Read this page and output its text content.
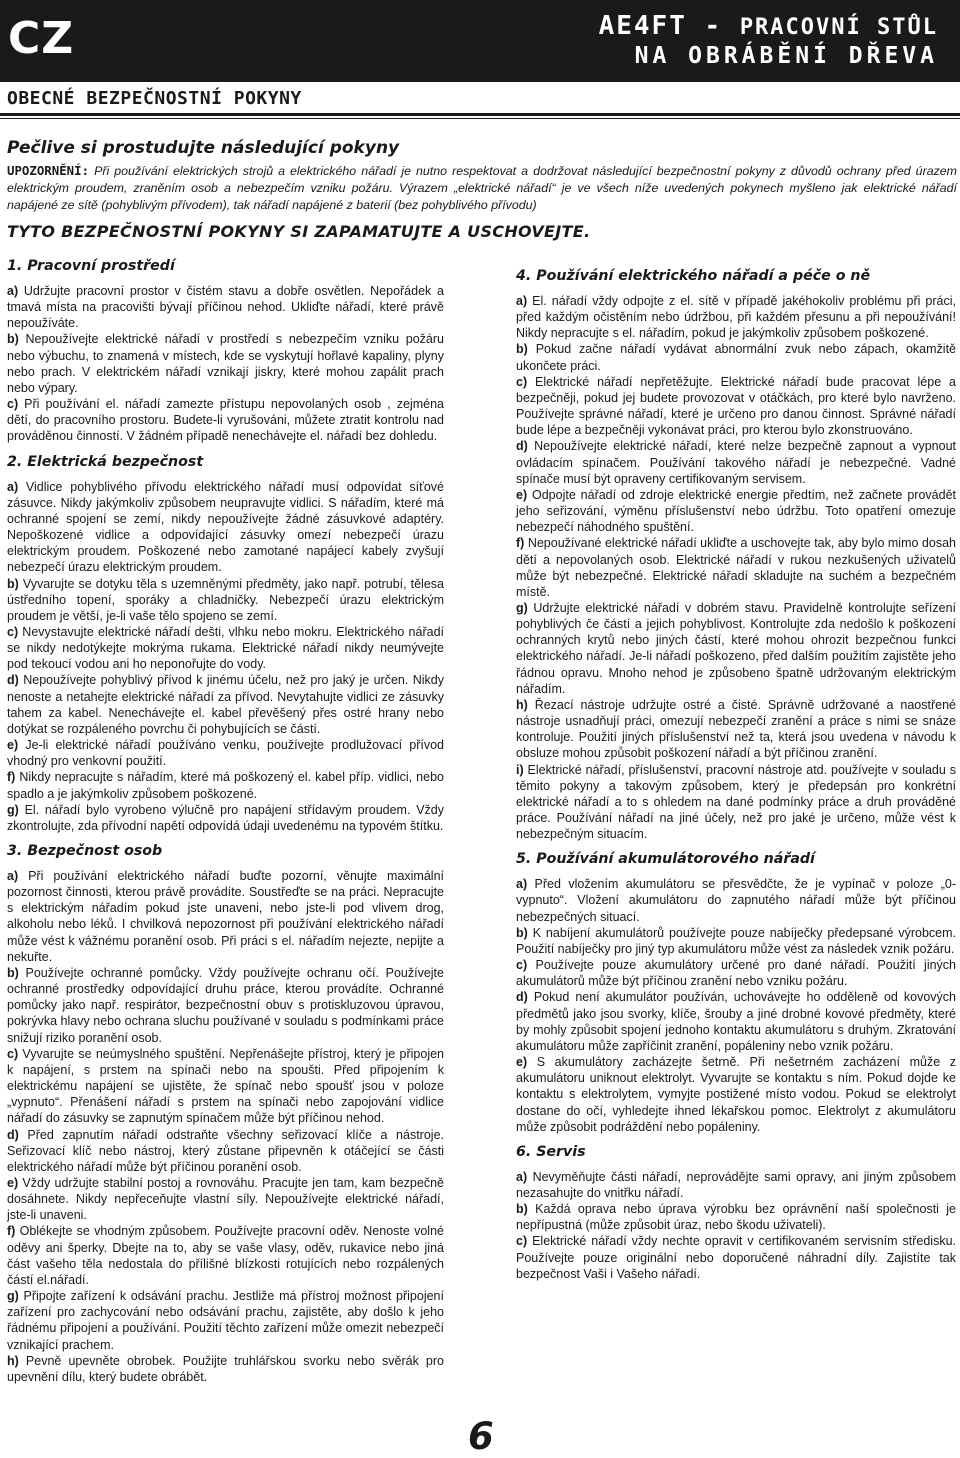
CZ	AE4FT - PRACOVNÍ STŮL
NA OBRÁBĚNÍ DŘEVA
OBECNÉ BEZPEČNOSTNÍ POKYNY
Pečlive si prostudujte následující pokyny
UPOZORNĚNÍ: Při používání elektrických strojů a elektrického nářadí je nutno respektovat a dodržovat následující bezpečnostní pokyny z důvodů ochrany před úrazem elektrickým proudem, zraněním osob a nebezpečím vzniku požáru. Výrazem „elektrické nářadí“ je ve všech níže uvedených pokynech myšleno jak elektrické nářadí napájené ze sítě (pohyblivým přívodem), tak nářadí napájené z baterií (bez pohyblivého přívodu)
TYTO BEZPEČNOSTNÍ POKYNY SI ZAPAMATUJTE A USCHOVEJTE.
1. Pracovní prostředí

a) Udržujte pracovní prostor v čistém stavu a dobře osvětlen. Nepořádek a tmavá místa na pracovišti bývají příčinou nehod. Ukliďte nářadí, které právě nepoužíváte.

b) Nepoužívejte elektrické nářadí v prostředí s nebezpečím vzniku požáru nebo výbuchu, to znamená v místech, kde se vyskytují hořlavé kapaliny, plyny nebo prach. V elektrickém nářadí vznikají jiskry, které mohou zapálit prach nebo výpary.

c) Při používání el. nářadí zamezte přístupu nepovolaných osob , zejména dětí, do pracovního prostoru. Budete-li vyrušováni, můžete ztratit kontrolu nad prováděnou činností. V žádném případě nenechávejte el. nářadí bez dohledu.

2. Elektrická bezpečnost

a) Vidlice pohyblivého přívodu elektrického nářadí musí odpovídat síťové zásuvce. Nikdy jakýmkoliv způsobem neupravujte vidlici. S nářadím, které má ochranné spojení se zemí, nikdy nepoužívejte žádné zásuvkové adaptéry. Nepoškozené vidlice a odpovídající zásuvky omezí nebezpečí úrazu elektrickým proudem. Poškozené nebo zamotané napájecí kabely zvyšují nebezpečí úrazu elektrickým proudem.

b) Vyvarujte se dotyku těla s uzemněnými předměty, jako např. potrubí, tělesa ústředního topení, sporáky a chladničky. Nebezpečí úrazu elektrickým proudem je větší, je-li vaše tělo spojeno se zemí.

c) Nevystavujte elektrické nářadí dešti, vlhku nebo mokru. Elektrického nářadí se nikdy nedotýkejte mokrýma rukama. Elektrické nářadí nikdy neumývejte pod tekoucí vodou ani ho neponořujte do vody.

d) Nepoužívejte pohyblivý přívod k jinému účelu, než pro jaký je určen. Nikdy nenoste a netahejte elektrické nářadí za přívod. Nevytahujte vidlici ze zásuvky tahem za kabel. Nenechávejte el. kabel převěšený přes ostré hrany nebo dotýkat se rozpáleného povrchu či pohybujících se částí.

e) Je-li elektrické nářadí používáno venku, používejte prodlužovací přívod vhodný pro venkovní použití.

f) Nikdy nepracujte s nářadím, které má poškozený el. kabel příp. vidlici, nebo spadlo a je jakýmkoliv způsobem poškozené.

g) El. nářadí bylo vyrobeno výlučně pro napájení střídavým proudem. Vždy zkontrolujte, zda přívodní napětí odpovídá údaji uvedenému na typovém štítku.

3. Bezpečnost osob

a) Při používání elektrického nářadí buďte pozorní, věnujte maximální pozornost činnosti, kterou právě provádíte. Soustřeďte se na práci. Nepracujte s elektrickým nářadím pokud jste unaveni, nebo jste-li pod vlivem drog, alkoholu nebo léků. I chvilková nepozornost při používání elektrického nářadí může vést k vážnému poranění osob. Při práci s el. nářadím nejezte, nepijte a nekuřte.

b) Používejte ochranné pomůcky. Vždy používejte ochranu očí. Používejte ochranné prostředky odpovídající druhu práce, kterou provádíte. Ochranné pomůcky jako např. respirátor, bezpečnostní obuv s protiskluzovou úpravou, pokrývka hlavy nebo ochrana sluchu používané v souladu s podmínkami práce snižují riziko poranění osob.

c) Vyvarujte se neúmyslného spuštění. Nepřenášejte přístroj, který je připojen k napájení, s prstem na spínači nebo na spoušti. Před připojením k elektrickému napájení se ujistěte, že spínač nebo spoušť jsou v poloze „vypnuto“. Přenášení nářadí s prstem na spínači nebo zapojování vidlice nářadí do zásuvky se zapnutým spínačem může být příčinou nehod.

d) Před zapnutím nářadí odstraňte všechny seřizovací klíče a nástroje. Seřizovací klíč nebo nástroj, který zůstane připevněn k otáčející se části elektrického nářadí může být příčinou poranění osob.

e) Vždy udržujte stabilní postoj a rovnováhu. Pracujte jen tam, kam bezpečně dosáhnete. Nikdy nepřeceňujte vlastní síly. Nepoužívejte elektrické nářadí, jste-li unaveni.

f) Oblékejte se vhodným způsobem. Používejte pracovní oděv. Nenoste volné oděvy ani šperky. Dbejte na to, aby se vaše vlasy, oděv, rukavice nebo jiná část vašeho těla nedostala do přílišné blízkosti rotujících nebo rozpálených částí el.nářadí.

g) Připojte zařízení k odsávání prachu. Jestliže má přístroj možnost připojení zařízení pro zachycování nebo odsávání prachu, zajistěte, aby došlo k jeho řádnému připojení a používání. Použití těchto zařízení může omezit nebezpečí vznikající prachem.

h) Pevně upevněte obrobek. Použijte truhlářskou svorku nebo svěrák pro upevnění dílu, který budete obrábět.

4. Používání elektrického nářadí a péče o ně

a) El. nářadí vždy odpojte z el. sítě v případě jakéhokoliv problému při práci, před každým očistěním nebo údržbou, při každém přesunu a při nepoužívání! Nikdy nepracujte s el. nářadím, pokud je jakýmkoliv způsobem poškozené.

b) Pokud začne nářadí vydávat abnormální zvuk nebo zápach, okamžitě ukončete práci.

c) Elektrické nářadí nepřetěžujte. Elektrické nářadí bude pracovat lépe a bezpečněji, pokud jej budete provozovat v otáčkách, pro které bylo navrženo. Používejte správné nářadí, které je určeno pro danou činnost. Správné nářadí bude lépe a bezpečněji vykonávat práci, pro kterou bylo zkonstruováno.

d) Nepoužívejte elektrické nářadí, které nelze bezpečně zapnout a vypnout ovládacím spínačem. Používání takového nářadí je nebezpečné. Vadné spínače musí být opraveny certifikovaným servisem.

e) Odpojte nářadí od zdroje elektrické energie předtím, než začnete provádět jeho seřizování, výměnu příslušenství nebo údržbu. Toto opatření omezuje nebezpečí náhodného spuštění.

f) Nepoužívané elektrické nářadí ukliďte a uschovejte tak, aby bylo mimo dosah dětí a nepovolaných osob. Elektrické nářadí v rukou nezkušených uživatelů může být nebezpečné. Elektrické nářadí skladujte na suchém a bezpečném místě.

g) Udržujte elektrické nářadí v dobrém stavu. Pravidelně kontrolujte seřízení pohyblivých če částí a jejich pohyblivost. Kontrolujte zda nedošlo k poškození ochranných krytů nebo jiných částí, které mohou ohrozit bezpečnou funkci elektrického nářadí. Je-li nářadí poškozeno, před dalším použitím zajistěte jeho řádnou opravu. Mnoho nehod je způsobeno špatně udržovaným elektrickým nářadím.

h) Řezací nástroje udržujte ostré a čisté. Správně udržované a naostřené nástroje usnadňují práci, omezují nebezpečí zranění a práce s nimi se snáze kontroluje. Použití jiných příslušenství než ta, která jsou uvedena v návodu k obsluze mohou způsobit poškození nářadí a být příčinou zranění.

i) Elektrické nářadí, příslušenství, pracovní nástroje atd. používejte v souladu s těmito pokyny a takovým způsobem, který je předepsán pro konkrétní elektrické nářadí a to s ohledem na dané podmínky práce a druh prováděné práce. Používání nářadí na jiné účely, než pro jaké je určeno, může vést k nebezpečným situacím.

5. Používání akumulátorového nářadí

a) Před vložením akumulátoru se přesvědčte, že je vypínač v poloze „0-vypnuto“. Vložení akumulátoru do zapnutého nářadí může být příčinou nebezpečných situací.

b) K nabíjení akumulátorů používejte pouze nabíječky předepsané výrobcem. Použití nabíječky pro jiný typ akumulátoru může vést za následek vznik požáru.

c) Používejte pouze akumulátory určené pro dané nářadí. Použití jiných akumulátorů může být příčinou zranění nebo vzniku požáru.

d) Pokud není akumulátor používán, uchovávejte ho odděleně od kovových předmětů jako jsou svorky, klíče, šrouby a jiné drobné kovové předměty, které by mohly způsobit spojení jednoho kontaktu akumulátoru s druhým. Zkratování akumulátoru může zapříčinit zranění, popáleniny nebo vznik požáru.

e) S akumulátory zacházejte šetrně. Při nešetrném zacházení může z akumulátoru uniknout elektrolyt. Vyvarujte se kontaktu s ním. Pokud dojde ke kontaktu s elektrolytem, vymyjte postižené místo vodou. Pokud se elektrolyt dostane do očí, vyhledejte ihned lékařskou pomoc. Elektrolyt z akumulátoru může způsobit podráždění nebo popáleniny.

6. Servis

a) Nevyměňujte části nářadí, neprovádějte sami opravy, ani jiným způsobem nezasahujte do vnitřku nářadí.

b) Každá oprava nebo úprava výrobku bez oprávnění naší společnosti je nepřípustná (může způsobit úraz, nebo škodu uživateli).

c) Elektrické nářadí vždy nechte opravit v certifikovaném servisním středisku. Používejte pouze originální nebo doporučené náhradní díly. Zajistíte tak bezpečnost Vaši i Vašeho nářadí.

6
